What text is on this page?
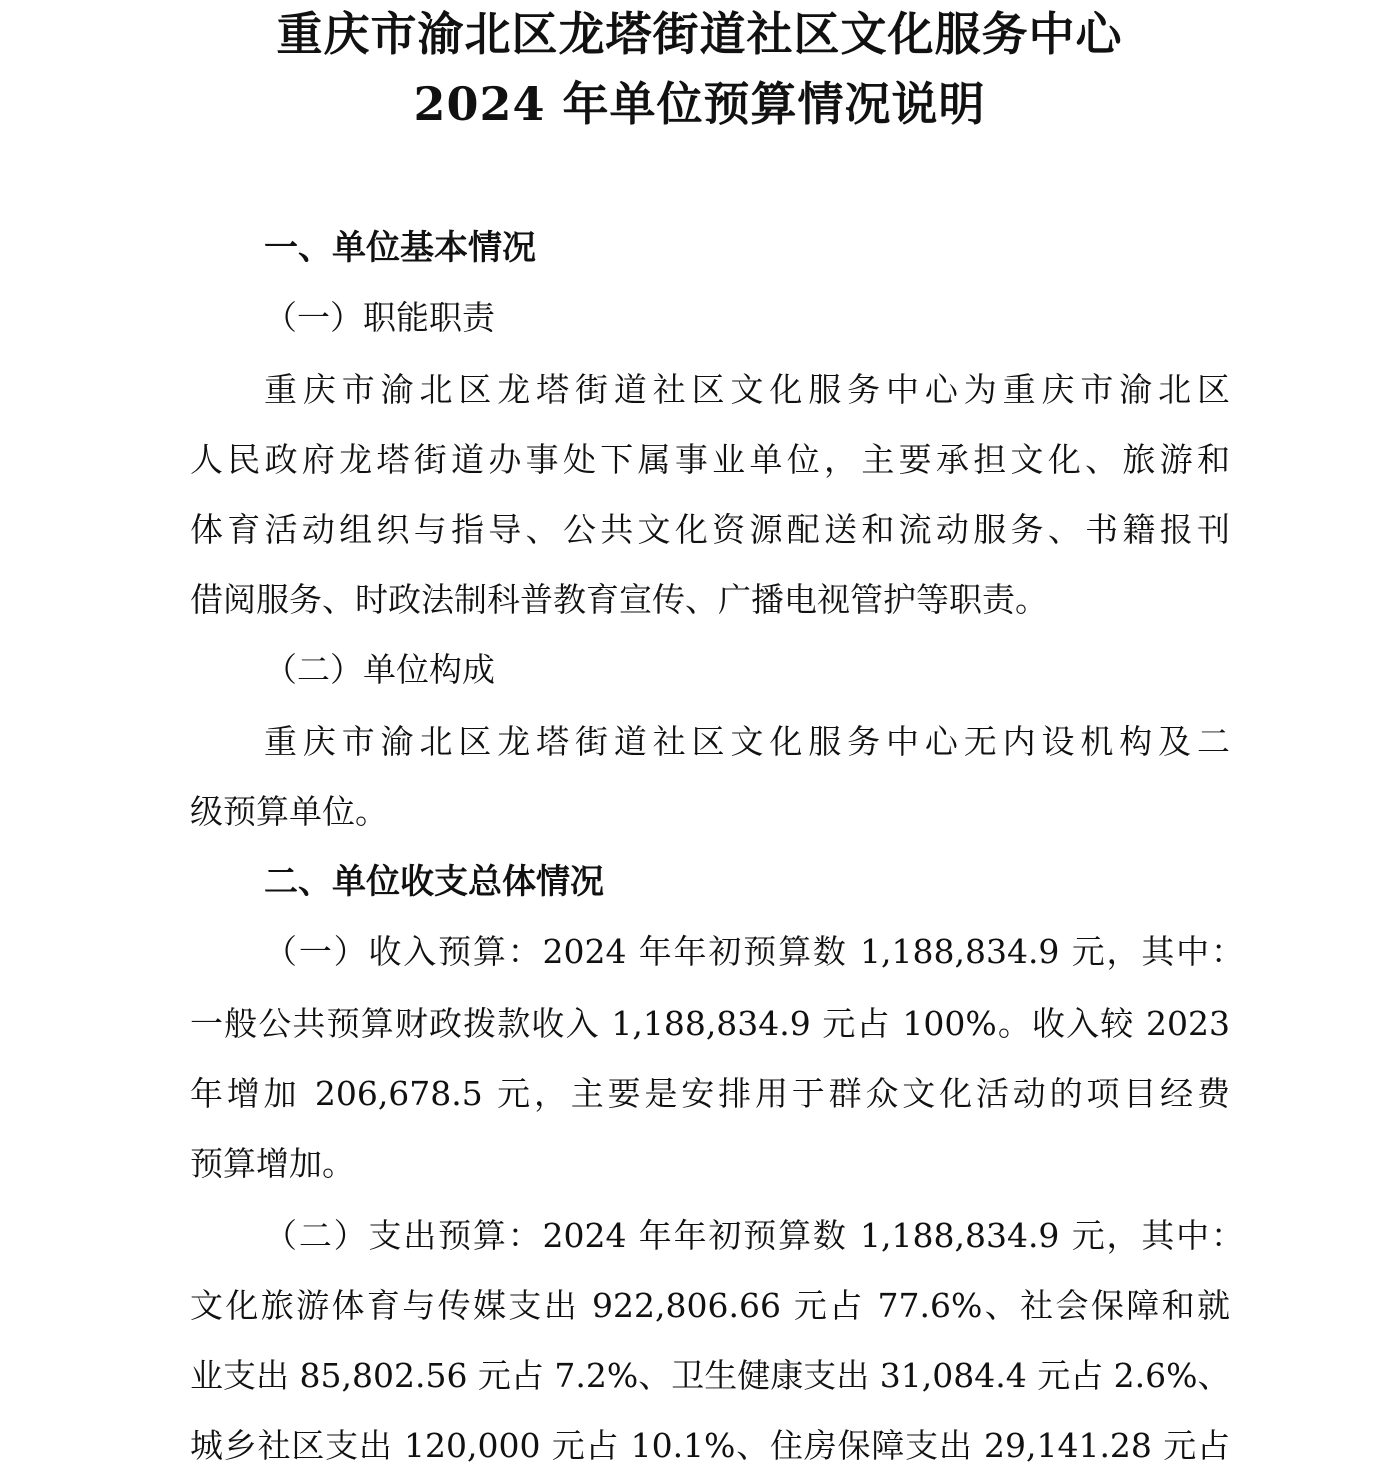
重庆市渝北区龙塔街道社区文化服务中心
2024 年单位预算情况说明
一、单位基本情况
（一）职能职责
重庆市渝北区龙塔街道社区文化服务中心为重庆市渝北区
人民政府龙塔街道办事处下属事业单位，主要承担文化、旅游和
体育活动组织与指导、公共文化资源配送和流动服务、书籍报刊
借阅服务、时政法制科普教育宣传、广播电视管护等职责。
（二）单位构成
重庆市渝北区龙塔街道社区文化服务中心无内设机构及二
级预算单位。
二、单位收支总体情况
（一）收入预算：2024 年年初预算数 1,188,834.9 元，其中：
一般公共预算财政拨款收入 1,188,834.9 元占 100%。收入较 2023
年增加 206,678.5 元，主要是安排用于群众文化活动的项目经费
预算增加。
（二）支出预算：2024 年年初预算数 1,188,834.9 元，其中：
文化旅游体育与传媒支出 922,806.66 元占 77.6%、社会保障和就
业支出 85,802.56 元占 7.2%、卫生健康支出 31,084.4 元占 2.6%、
城乡社区支出 120,000 元占 10.1%、住房保障支出 29,141.28 元占
